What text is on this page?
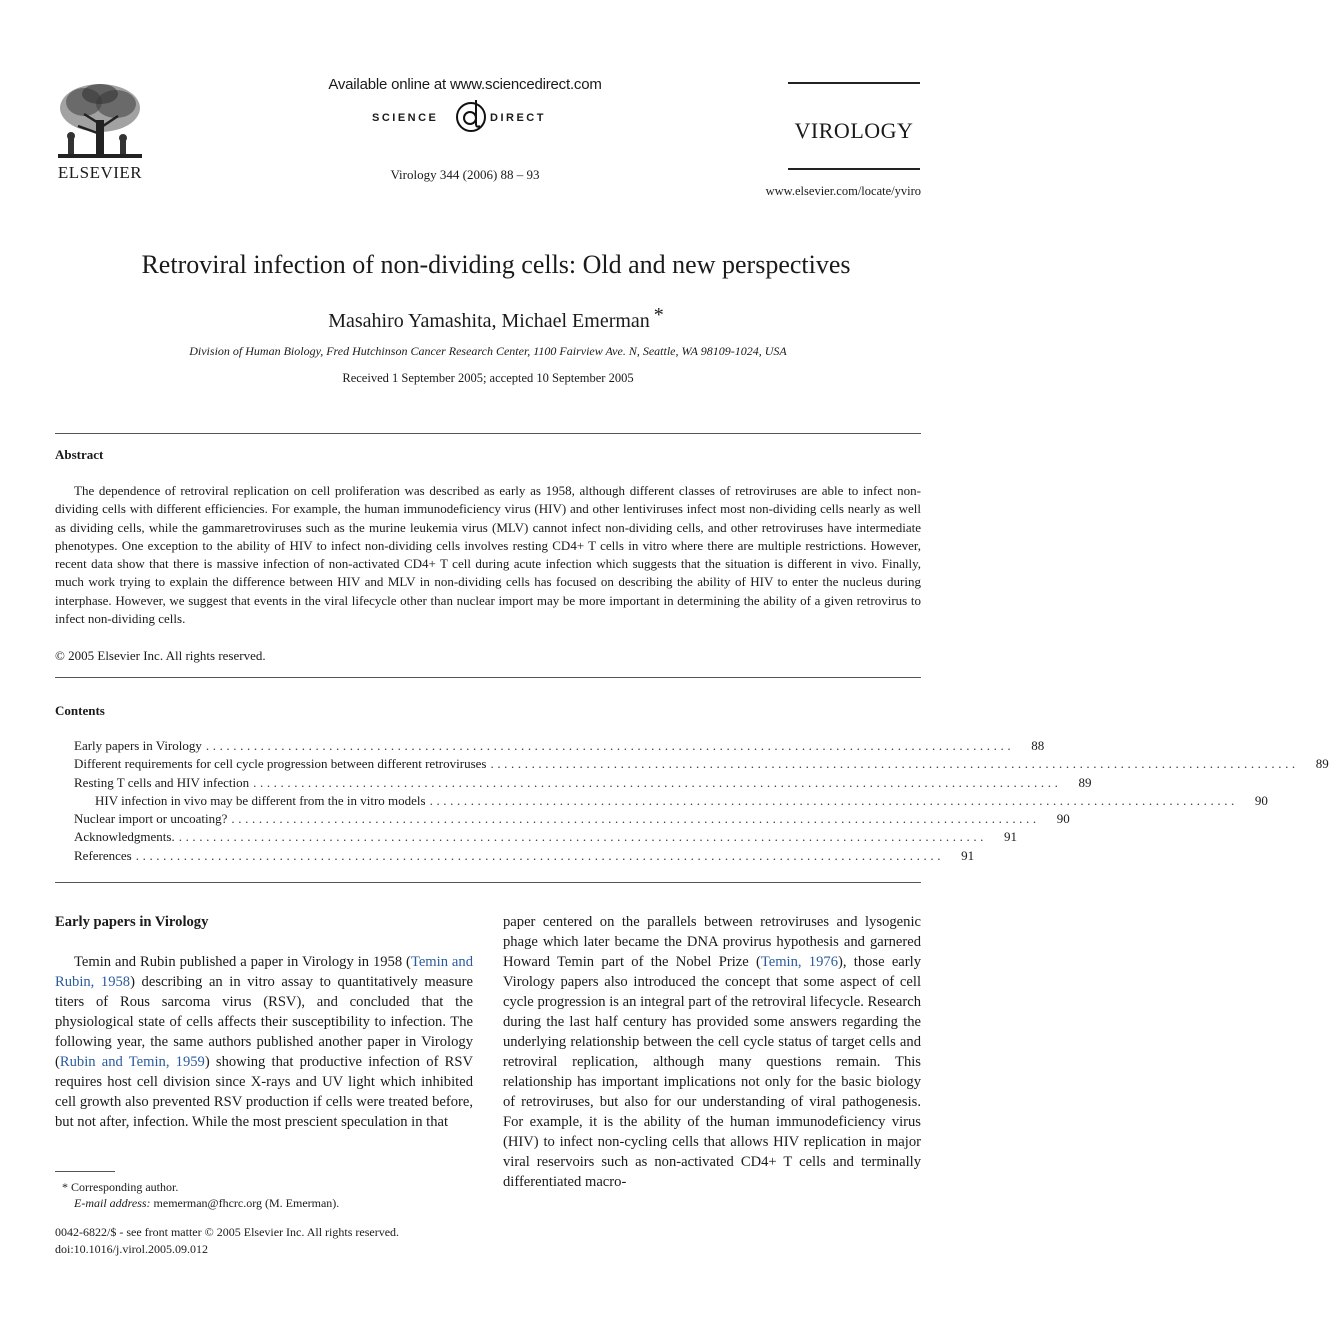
ELSEVIER
Available online at www.sciencedirect.com
SCIENCE	DIRECT
Virology 344 (2006) 88 – 93
VIROLOGY
www.elsevier.com/locate/yviro
Retroviral infection of non-dividing cells: Old and new perspectives
Masahiro Yamashita, Michael Emerman *
Division of Human Biology, Fred Hutchinson Cancer Research Center, 1100 Fairview Ave. N, Seattle, WA 98109-1024, USA
Received 1 September 2005; accepted 10 September 2005
Abstract
The dependence of retroviral replication on cell proliferation was described as early as 1958, although different classes of retroviruses are able to infect non-dividing cells with different efficiencies. For example, the human immunodeficiency virus (HIV) and other lentiviruses infect most non-dividing cells nearly as well as dividing cells, while the gammaretroviruses such as the murine leukemia virus (MLV) cannot infect non-dividing cells, and other retroviruses have intermediate phenotypes. One exception to the ability of HIV to infect non-dividing cells involves resting CD4+ T cells in vitro where there are multiple restrictions. However, recent data show that there is massive infection of non-activated CD4+ T cell during acute infection which suggests that the situation is different in vivo. Finally, much work trying to explain the difference between HIV and MLV in non-dividing cells has focused on describing the ability of HIV to enter the nucleus during interphase. However, we suggest that events in the viral lifecycle other than nuclear import may be more important in determining the ability of a given retrovirus to infect non-dividing cells.
© 2005 Elsevier Inc. All rights reserved.
Contents
Early papers in Virology ......................................................................................................................	88
Different requirements for cell cycle progression between different retroviruses ......................................................................................................................	89
Resting T cells and HIV infection ......................................................................................................................	89
HIV infection in vivo may be different from the in vitro models ......................................................................................................................	90
Nuclear import or uncoating? ......................................................................................................................	90
Acknowledgments. ......................................................................................................................	91
References ......................................................................................................................	91
Early papers in Virology

Temin and Rubin published a paper in Virology in 1958 (Temin and Rubin, 1958) describing an in vitro assay to quantitatively measure titers of Rous sarcoma virus (RSV), and concluded that the physiological state of cells affects their susceptibility to infection. The following year, the same authors published another paper in Virology (Rubin and Temin, 1959) showing that productive infection of RSV requires host cell division since X-rays and UV light which inhibited cell growth also prevented RSV production if cells were treated before, but not after, infection. While the most prescient speculation in that

paper centered on the parallels between retroviruses and lysogenic phage which later became the DNA provirus hypothesis and garnered Howard Temin part of the Nobel Prize (Temin, 1976), those early Virology papers also introduced the concept that some aspect of cell cycle progression is an integral part of the retroviral lifecycle. Research during the last half century has provided some answers regarding the underlying relationship between the cell cycle status of target cells and retroviral replication, although many questions remain. This relationship has important implications not only for the basic biology of retroviruses, but also for our understanding of viral pathogenesis. For example, it is the ability of the human immunodeficiency virus (HIV) to infect non-cycling cells that allows HIV replication in major viral reservoirs such as non-activated CD4+ T cells and terminally differentiated macro-

* Corresponding author.
E-mail address: memerman@fhcrc.org (M. Emerman).
0042-6822/$ - see front matter © 2005 Elsevier Inc. All rights reserved.
doi:10.1016/j.virol.2005.09.012
